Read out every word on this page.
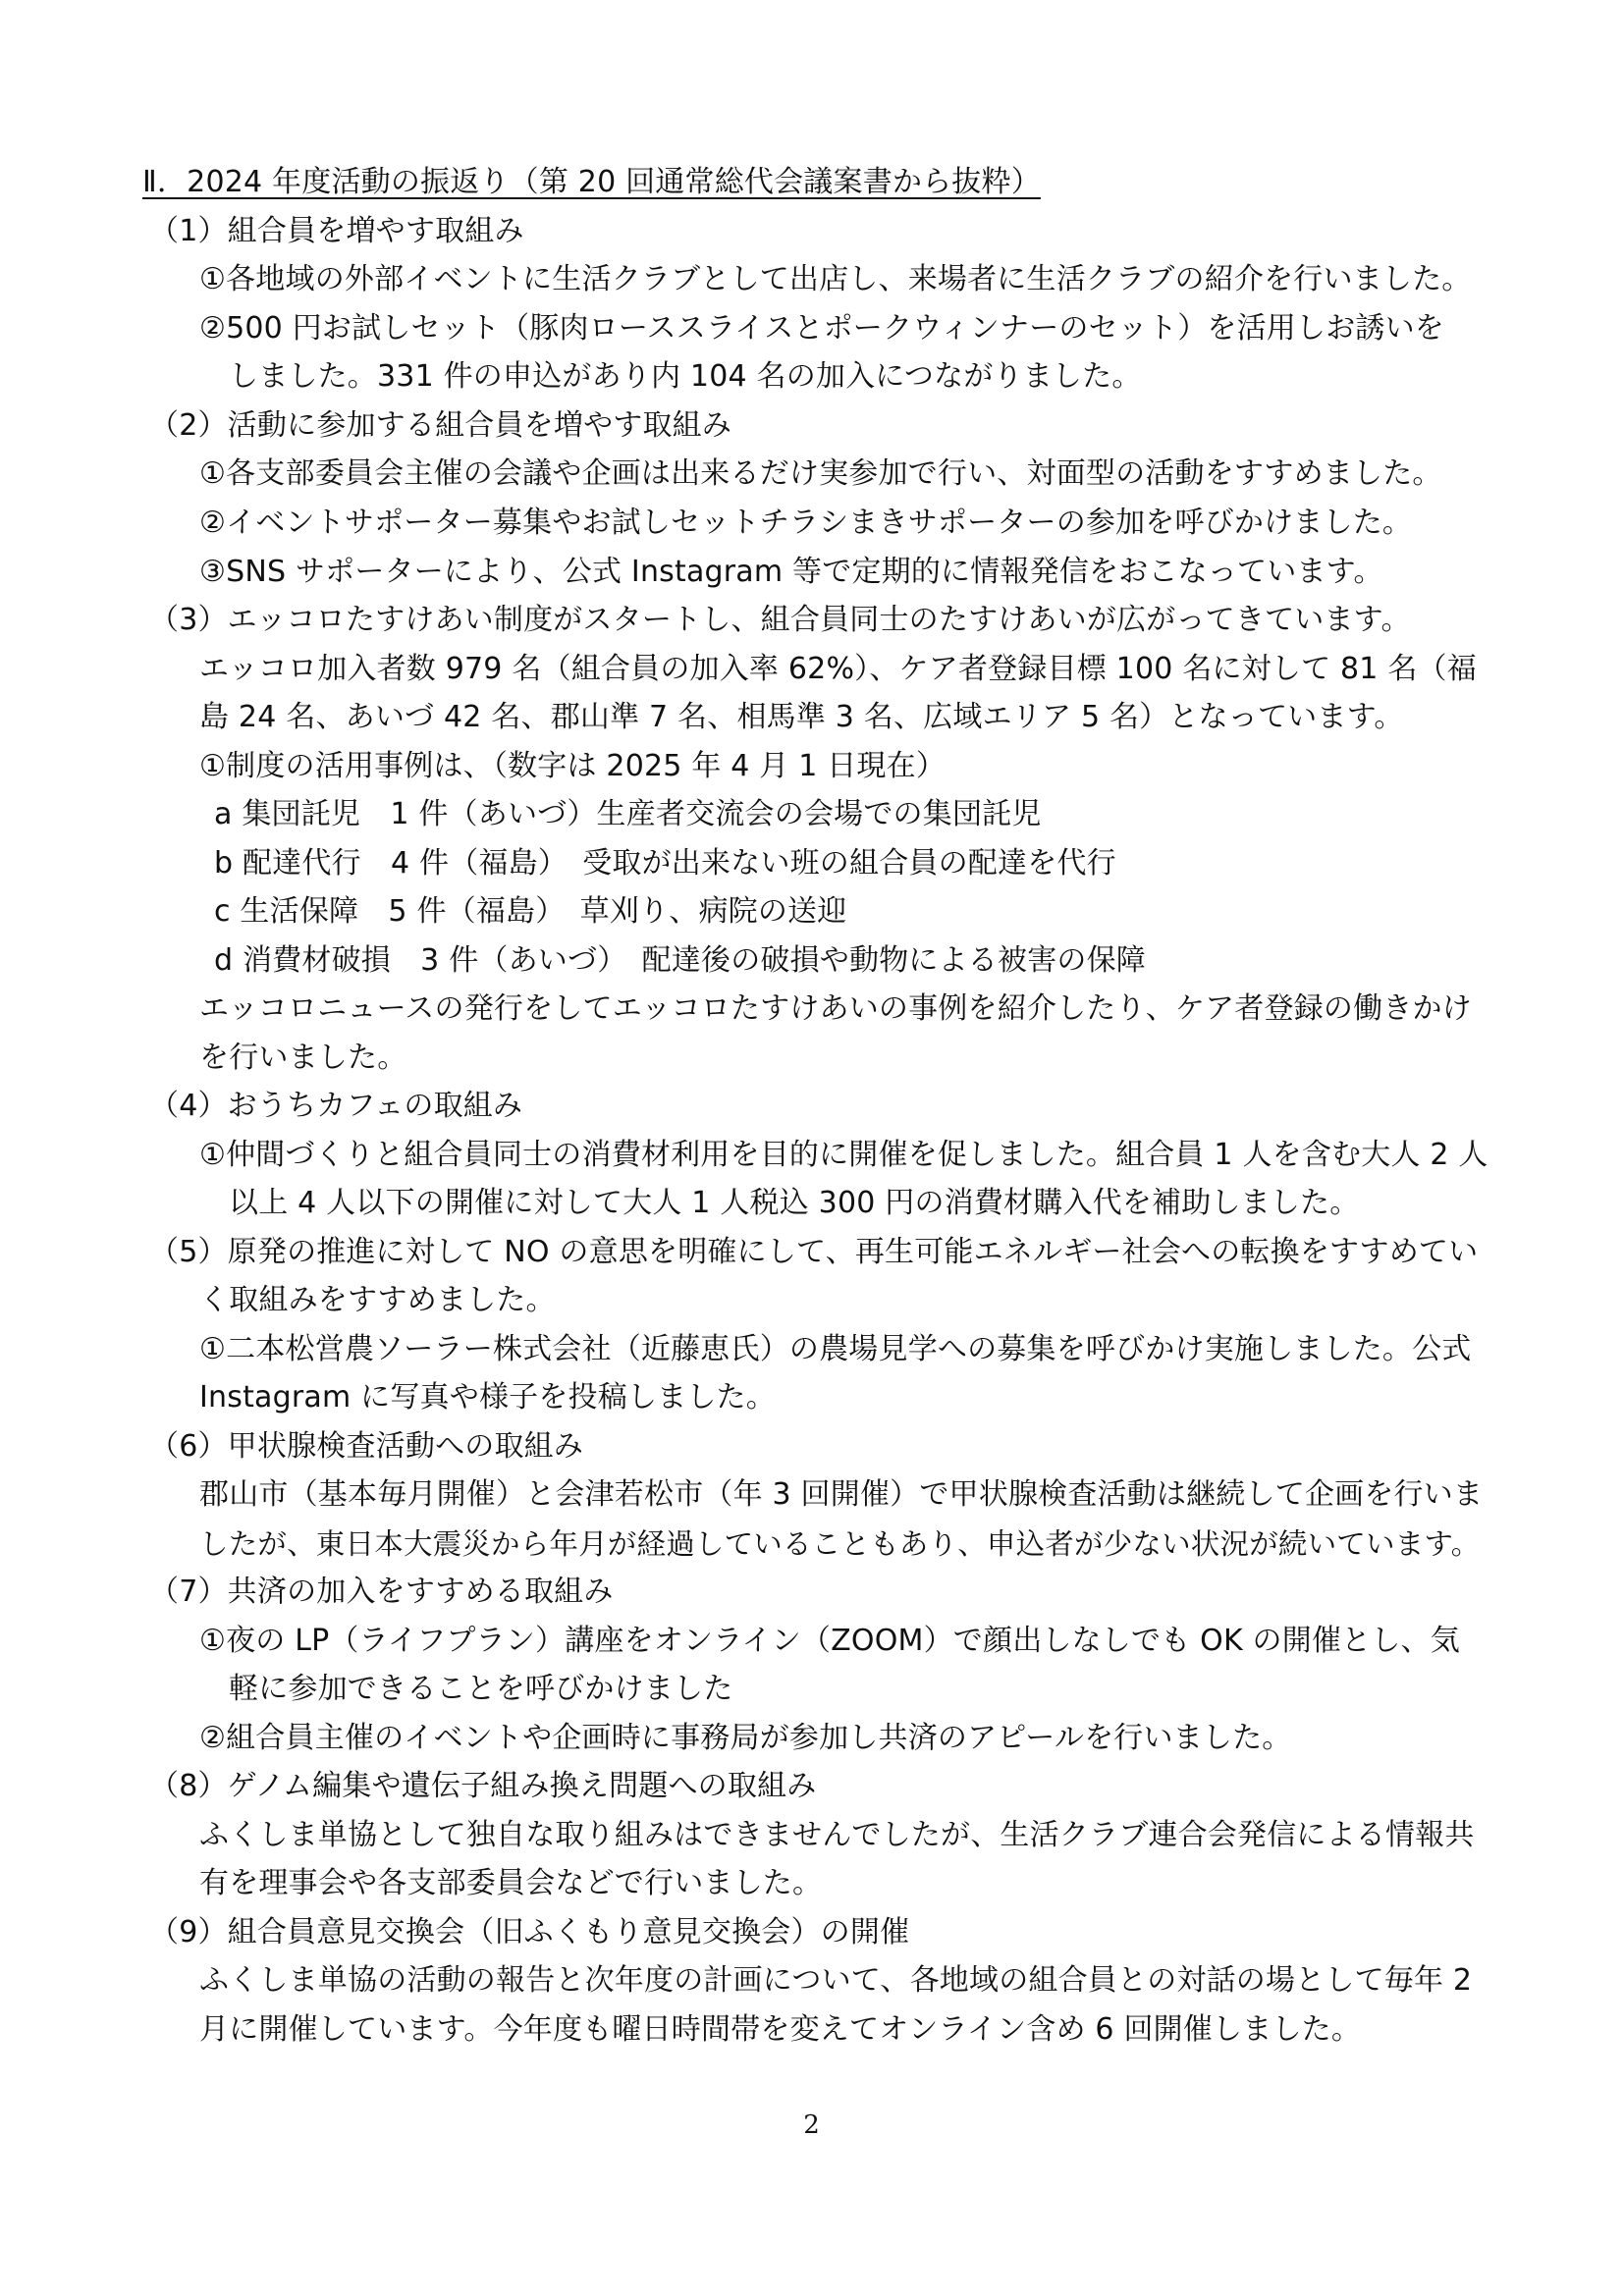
Ⅱ．2024 年度活動の振返り（第 20 回通常総代会議案書から抜粋）
（1）組合員を増やす取組み
①各地域の外部イベントに生活クラブとして出店し、来場者に生活クラブの紹介を行いました。
②500 円お試しセット（豚肉ローススライスとポークウィンナーのセット）を活用しお誘いを
しました。331 件の申込があり内 104 名の加入につながりました。
（2）活動に参加する組合員を増やす取組み
①各支部委員会主催の会議や企画は出来るだけ実参加で行い、対面型の活動をすすめました。
②イベントサポーター募集やお試しセットチラシまきサポーターの参加を呼びかけました。
③SNS サポーターにより、公式 Instagram 等で定期的に情報発信をおこなっています。
（3）エッコロたすけあい制度がスタートし、組合員同士のたすけあいが広がってきています。
エッコロ加入者数 979 名（組合員の加入率 62%）、ケア者登録目標 100 名に対して 81 名（福
島 24 名、あいづ 42 名、郡山準 7 名、相馬準 3 名、広域エリア 5 名）となっています。
①制度の活用事例は、（数字は 2025 年 4 月 1 日現在）
a 集団託児　1 件（あいづ）生産者交流会の会場での集団託児
b 配達代行　4 件（福島）　受取が出来ない班の組合員の配達を代行
c 生活保障　5 件（福島）　草刈り、病院の送迎
d 消費材破損　3 件（あいづ）　配達後の破損や動物による被害の保障
エッコロニュースの発行をしてエッコロたすけあいの事例を紹介したり、ケア者登録の働きかけ
を行いました。
（4）おうちカフェの取組み
①仲間づくりと組合員同士の消費材利用を目的に開催を促しました。組合員 1 人を含む大人 2 人
以上 4 人以下の開催に対して大人 1 人税込 300 円の消費材購入代を補助しました。
（5）原発の推進に対して NO の意思を明確にして、再生可能エネルギー社会への転換をすすめてい
く取組みをすすめました。
①二本松営農ソーラー株式会社（近藤恵氏）の農場見学への募集を呼びかけ実施しました。公式
Instagram に写真や様子を投稿しました。
（6）甲状腺検査活動への取組み
郡山市（基本毎月開催）と会津若松市（年 3 回開催）で甲状腺検査活動は継続して企画を行いま
したが、東日本大震災から年月が経過していることもあり、申込者が少ない状況が続いています。
（7）共済の加入をすすめる取組み
①夜の LP（ライフプラン）講座をオンライン（ZOOM）で顔出しなしでも OK の開催とし、気
軽に参加できることを呼びかけました
②組合員主催のイベントや企画時に事務局が参加し共済のアピールを行いました。
（8）ゲノム編集や遺伝子組み換え問題への取組み
ふくしま単協として独自な取り組みはできませんでしたが、生活クラブ連合会発信による情報共
有を理事会や各支部委員会などで行いました。
（9）組合員意見交換会（旧ふくもり意見交換会）の開催
ふくしま単協の活動の報告と次年度の計画について、各地域の組合員との対話の場として毎年 2
月に開催しています。今年度も曜日時間帯を変えてオンライン含め 6 回開催しました。
2
